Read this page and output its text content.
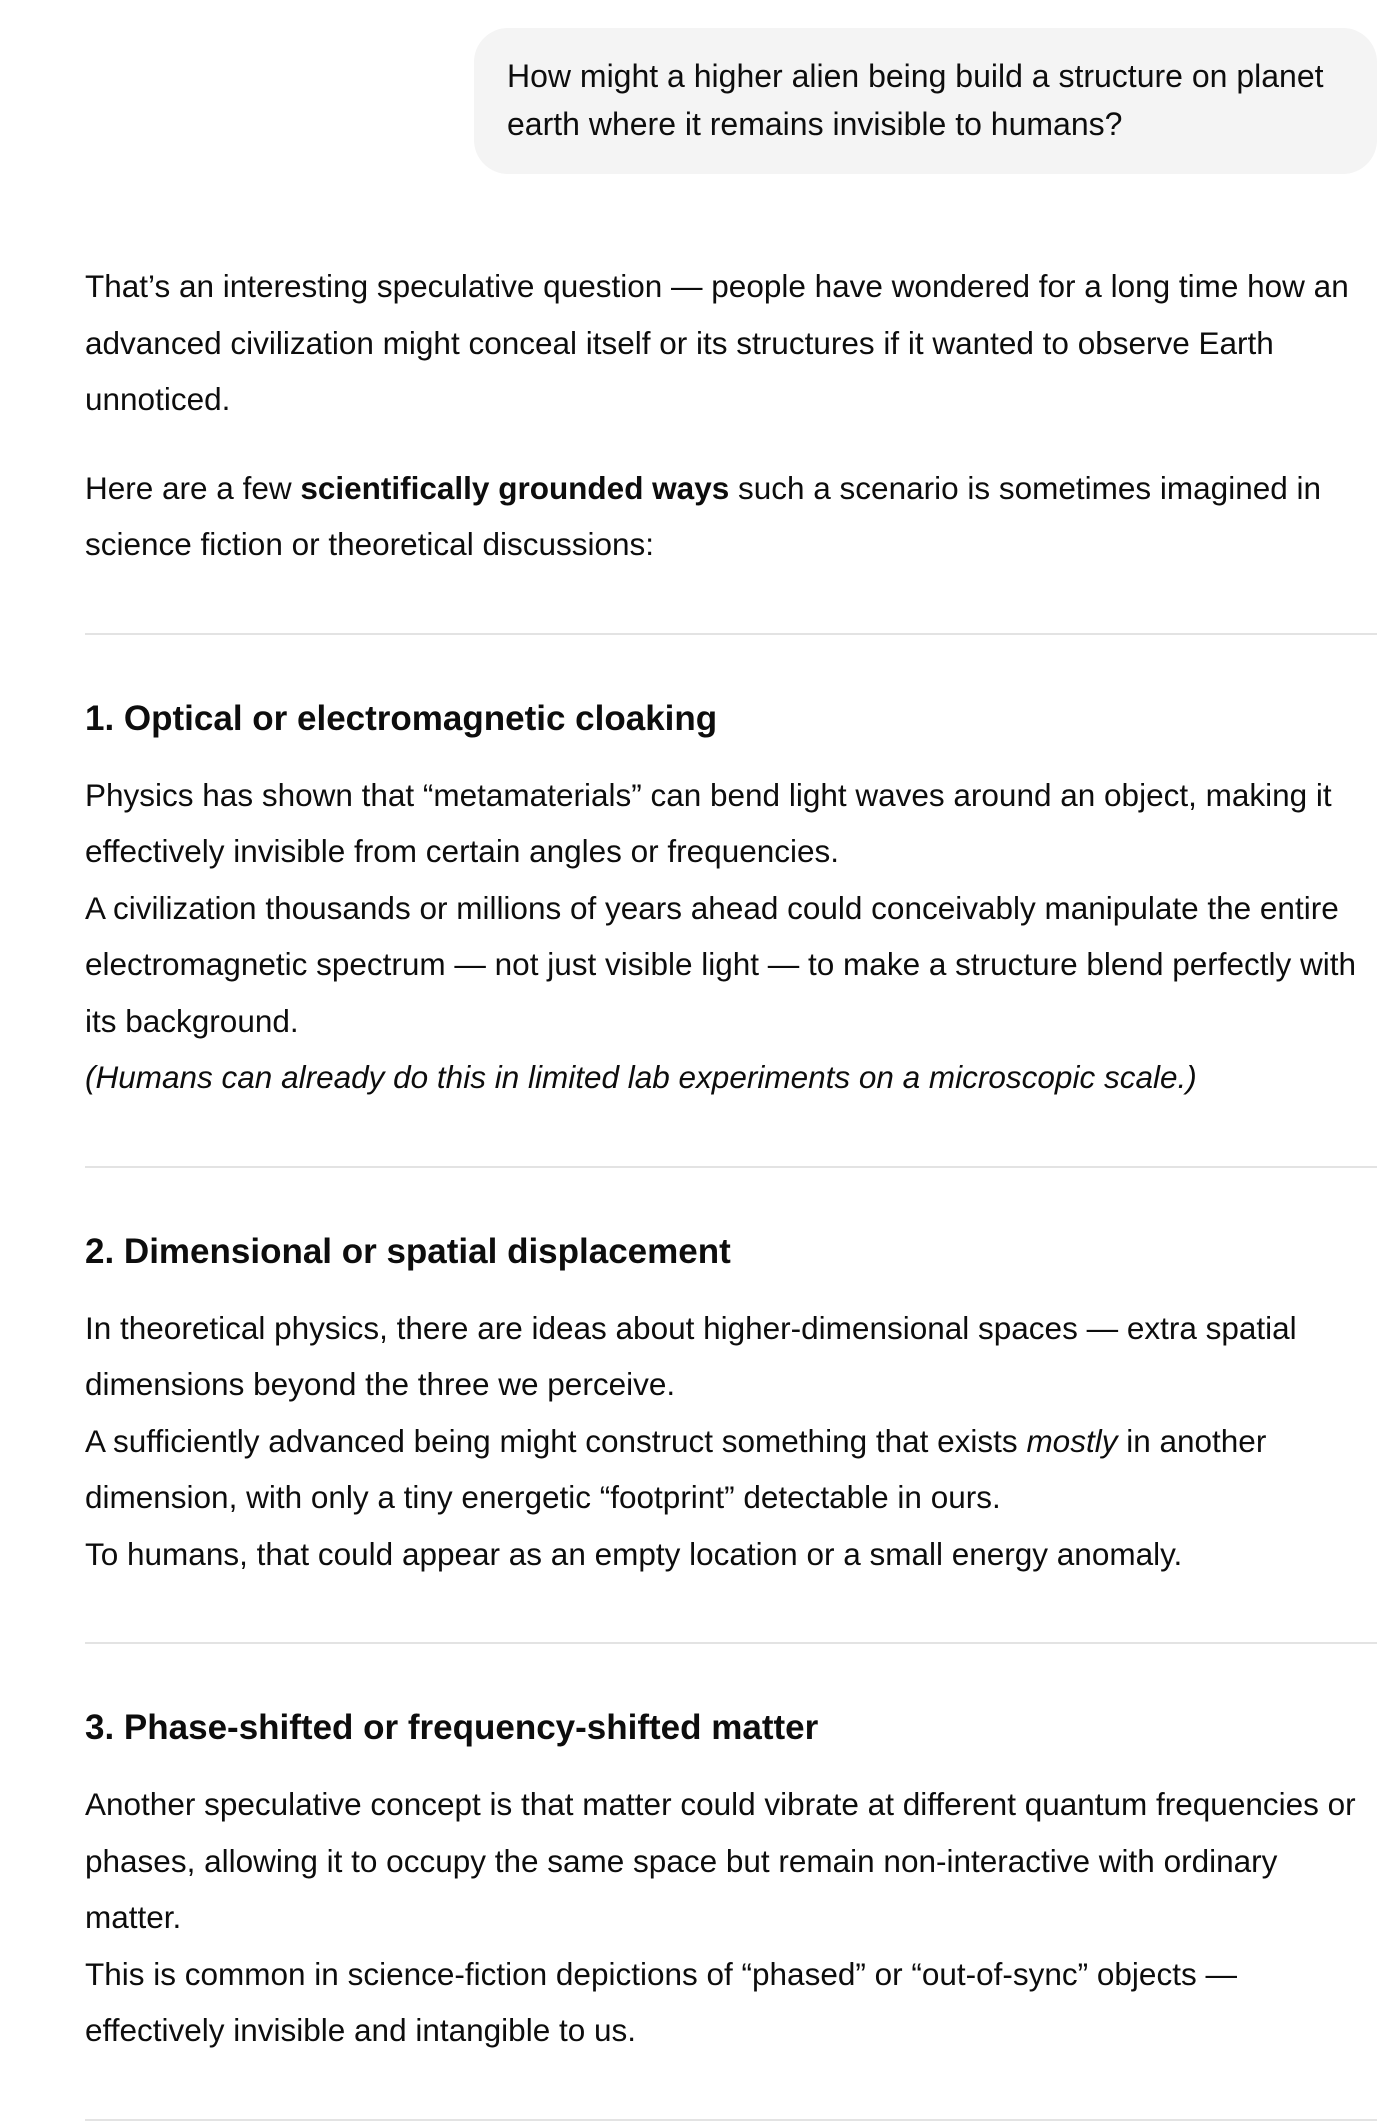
How might a higher alien being build a structure on planet earth where it remains invisible to humans?

That’s an interesting speculative question — people have wondered for a long time how an advanced civilization might conceal itself or its structures if it wanted to observe Earth unnoticed.

Here are a few scientifically grounded ways such a scenario is sometimes imagined in science fiction or theoretical discussions:

1. Optical or electromagnetic cloaking

Physics has shown that “metamaterials” can bend light waves around an object, making it effectively invisible from certain angles or frequencies.

A civilization thousands or millions of years ahead could conceivably manipulate the entire electromagnetic spectrum — not just visible light — to make a structure blend perfectly with its background.

(Humans can already do this in limited lab experiments on a microscopic scale.)

2. Dimensional or spatial displacement

In theoretical physics, there are ideas about higher-dimensional spaces — extra spatial dimensions beyond the three we perceive.

A sufficiently advanced being might construct something that exists mostly in another dimension, with only a tiny energetic “footprint” detectable in ours.

To humans, that could appear as an empty location or a small energy anomaly.

3. Phase-shifted or frequency-shifted matter

Another speculative concept is that matter could vibrate at different quantum frequencies or phases, allowing it to occupy the same space but remain non-interactive with ordinary matter.

This is common in science-fiction depictions of “phased” or “out-of-sync” objects — effectively invisible and intangible to us.
